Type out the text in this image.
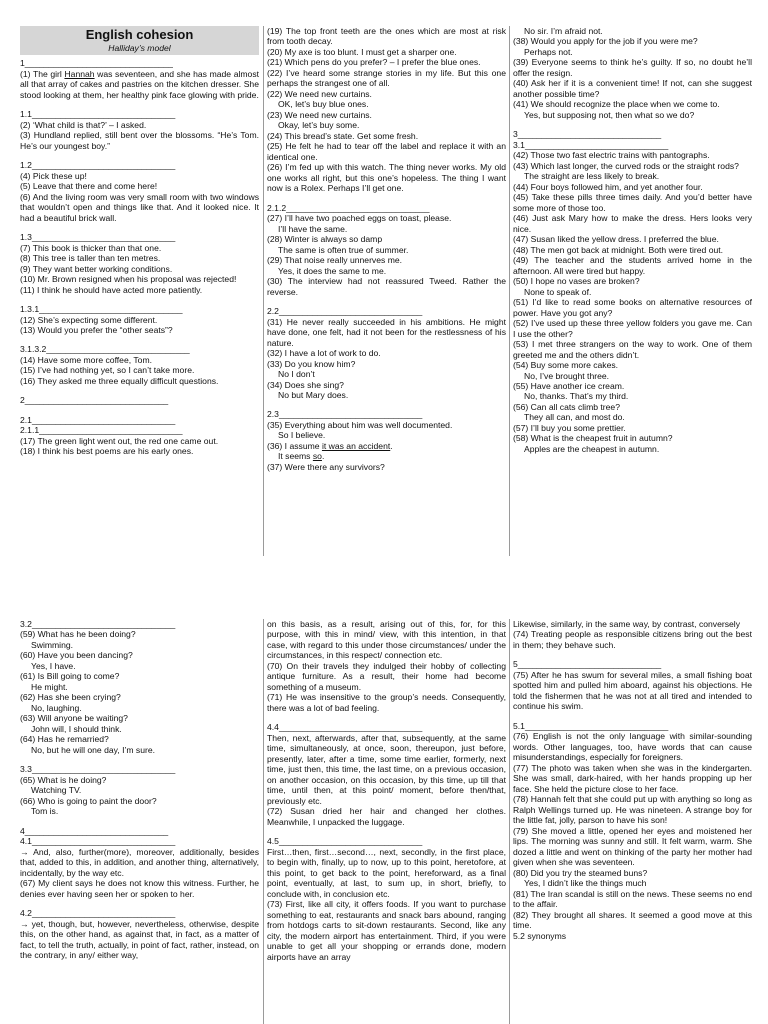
English cohesion
Halliday’s model
1_______________________________
(1) The girl Hannah was seventeen, and she has made almost all that array of cakes and pastries on the kitchen dresser. She stood looking at them, her healthy pink face glowing with pride.
1.1______________________________
(2) ‘What child is that?’ – I asked.
(3) Hundland replied, still bent over the blossoms. “He’s Tom. He’s our youngest boy.”
1.2______________________________
(4) Pick these up!
(5) Leave that there and come here!
(6) And the living room was very small room with two windows that wouldn’t open and things like that. And it looked nice. It had a beautiful brick wall.
1.3______________________________
(7) This book is thicker than that one.
(8) This tree is taller than ten metres.
(9) They want better working conditions.
(10) Mr. Brown resigned when his proposal was rejected!
(11) I think he should have acted more patiently.
1.3.1______________________________
(12) She’s expecting some different.
(13) Would you prefer the “other seats”?
3.1.3.2______________________________
(14) Have some more coffee, Tom.
(15) I’ve had nothing yet, so I can’t take more.
(16) They asked me three equally difficult questions.
2______________________________
2.1______________________________
2.1.1______________________________
(17) The green light went out, the red one came out.
(18) I think his best poems are his early ones.
(19) The top front teeth are the ones which are most at risk from tooth decay.
(20) My axe is too blunt. I must get a sharper one.
(21) Which pens do you prefer? – I prefer the blue ones.
(22) I’ve heard some strange stories in my life. But this one perhaps the strangest one of all.
(22) We need new curtains.
OK, let’s buy blue ones.
(23) We need new curtains.
Okay, let’s buy some.
(24) This bread’s state. Get some fresh.
(25) He felt he had to tear off the label and replace it with an identical one.
(26) I’m fed up with this watch. The thing never works. My old one works all right, but this one’s hopeless. The thing I want now is a Rolex. Perhaps I’ll get one.
2.1.2______________________________
(27) I’ll have two poached eggs on toast, please.
I’ll have the same.
(28) Winter is always so damp
The same is often true of summer.
(29) That noise really unnerves me.
Yes, it does the same to me.
(30) The interview had not reassured Tweed. Rather the reverse.
2.2______________________________
(31) He never really succeeded in his ambitions. He might have done, one felt, had it not been for the restlessness of his nature.
(32) I have a lot of work to do.
(33) Do you know him?
No I don’t
(34) Does she sing?
No but Mary does.
2.3______________________________
(35) Everything about him was well documented.
So I believe.
(36) I assume it was an accident.
It seems so.
(37) Were there any survivors?
No sir. I’m afraid not.
(38) Would you apply for the job if you were me?
Perhaps not.
(39) Everyone seems to think he’s guilty. If so, no doubt he’ll offer the resign.
(40) Ask her if it is a convenient time! If not, can she suggest another possible time?
(41) We should recognize the place when we come to.
Yes, but supposing not, then what so we do?
3______________________________
3.1______________________________
(42) Those two fast electric trains with pantographs.
(43) Which last longer, the curved rods or the straight rods?
The straight are less likely to break.
(44) Four boys followed him, and yet another four.
(45) Take these pills three times daily. And you’d better have some more of those too.
(46) Just ask Mary how to make the dress. Hers looks very nice.
(47) Susan liked the yellow dress. I preferred the blue.
(48) The men got back at midnight. Both were tired out.
(49) The teacher and the students arrived home in the afternoon. All were tired but happy.
(50) I hope no vases are broken?
None to speak of.
(51) I’d like to read some books on alternative resources of power. Have you got any?
(52) I’ve used up these three yellow folders you gave me. Can I use the other?
(53) I met three strangers on the way to work. One of them greeted me and the others didn’t.
(54) Buy some more cakes.
No, I’ve brought three.
(55) Have another ice cream.
No, thanks. That’s my third.
(56) Can all cats climb tree?
They all can, and most do.
(57) I’ll buy you some prettier.
(58) What is the cheapest fruit in autumn?
Apples are the cheapest in autumn.
3.2______________________________
(59) What has he been doing?
Swimming.
(60) Have you been dancing?
Yes, I have.
(61) Is Bill going to come?
He might.
(62) Has she been crying?
No, laughing.
(63) Will anyone be waiting?
John will, I should think.
(64) Has he remarried?
No, but he will one day, I’m sure.
3.3______________________________
(65) What is he doing?
Watching TV.
(66) Who is going to paint the door?
Tom is.
4______________________________
4.1______________________________
→ And, also, further(more), moreover, additionally, besides that, added to this, in addition, and another thing, alternatively, incidentally, by the way etc.
(67) My client says he does not know this witness. Further, he denies ever having seen her or spoken to her.
4.2______________________________
→ yet, though, but, however, nevertheless, otherwise, despite this, on the other hand, as against that, in fact, as a matter of fact, to tell the truth, actually, in point of fact, rather, instead, on the contrary, in any/ either way,
on this basis, as a result, arising out of this, for, for this purpose, with this in mind/ view, with this intention, in that case, with regard to this under those circumstances/ under the circumstances, in this respect/ connection etc.
(70) On their travels they indulged their hobby of collecting antique furniture. As a result, their home had become something of a museum.
(71) He was insensitive to the group’s needs. Consequently, there was a lot of bad feeling.
4.4______________________________
Then, next, afterwards, after that, subsequently, at the same time, simultaneously, at once, soon, thereupon, just before, presently, later, after a time, some time earlier, formerly, next time, just then, this time, the last time, on a previous occasion, on another occasion, on this occasion, by this time, up till that time, until then, at this point/ moment, before then/that, previously etc.
(72) Susan dried her hair and changed her clothes. Meanwhile, I unpacked the luggage.
4.5______________________________
First…then, first…second…, next, secondly, in the first place, to begin with, finally, up to now, up to this point, heretofore, at this point, to get back to the point, hereforward, as a final point, eventually, at last, to sum up, in short, briefly, to conclude with, in conclusion etc.
(73) First, like all city, it offers foods. If you want to purchase something to eat, restaurants and snack bars abound, ranging from hotdogs carts to sit-down restaurants. Second, like any city, the modern airport has entertainment. Third, if you were unable to get all your shopping or errands done, modern airports have an array
Likewise, similarly, in the same way, by contrast, conversely
(74) Treating people as responsible citizens bring out the best in them; they behave such.
5______________________________
(75) After he has swum for several miles, a small fishing boat spotted him and pulled him aboard, against his objections. He told the fishermen that he was not at all tired and intended to continue his swim.
5.1______________________________
(76) English is not the only language with similar-sounding words. Other languages, too, have words that can cause misunderstandings, especially for foreigners.
(77) The photo was taken when she was in the kindergarten. She was small, dark-haired, with her hands propping up her face. She held the picture close to her face.
(78) Hannah felt that she could put up with anything so long as Ralph Wellings turned up. He was nineteen. A strange boy for the little fat, jolly, parson to have his son!
(79) She moved a little, opened her eyes and moistened her lips. The morning was sunny and still. It felt warm, warm. She dozed a little and went on thinking of the party her mother had given when she was seventeen.
(80) Did you try the steamed buns?
Yes, I didn’t like the things much
(81) The Iran scandal is still on the news. These seems no end to the affair.
(82) They brought all shares. It seemed a good move at this time.
5.2 synonyms
